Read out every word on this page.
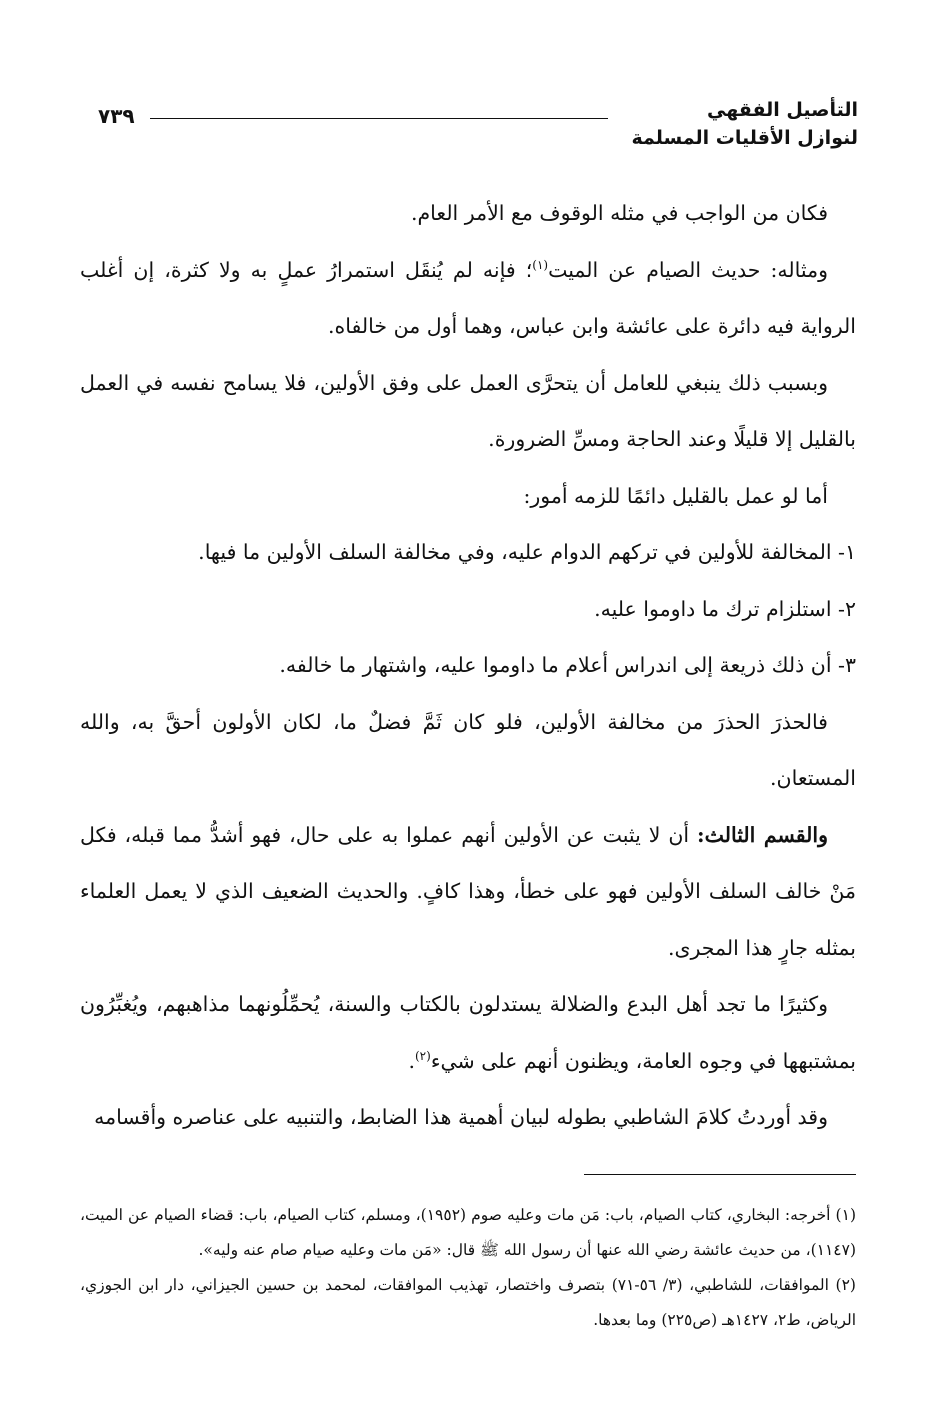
التأصيل الفقهي
لنوازل الأقليات المسلمة
٧٣٩

فكان من الواجب في مثله الوقوف مع الأمر العام.

ومثاله: حديث الصيام عن الميت$^{(١)}$؛ فإنه لم يُنقَل استمرارُ عملٍ به ولا كثرة، إن أغلب الرواية فيه دائرة على عائشة وابن عباس، وهما أول من خالفاه.

وبسبب ذلك ينبغي للعامل أن يتحرَّى العمل على وفق الأولين، فلا يسامح نفسه في العمل بالقليل إلا قليلًا وعند الحاجة ومسِّ الضرورة.

أما لو عمل بالقليل دائمًا للزمه أمور:

١- المخالفة للأولين في تركهم الدوام عليه، وفي مخالفة السلف الأولين ما فيها.

٢- استلزام ترك ما داوموا عليه.

٣- أن ذلك ذريعة إلى اندراس أعلام ما داوموا عليه، واشتهار ما خالفه.

فالحذرَ الحذرَ من مخالفة الأولين، فلو كان ثَمَّ فضلٌ ما، لكان الأولون أحقَّ به، والله المستعان.

والقسم الثالث: أن لا يثبت عن الأولين أنهم عملوا به على حال، فهو أشدُّ مما قبله، فكل مَنْ خالف السلف الأولين فهو على خطأ، وهذا كافٍ. والحديث الضعيف الذي لا يعمل العلماء بمثله جارٍ هذا المجرى.

وكثيرًا ما تجد أهل البدع والضلالة يستدلون بالكتاب والسنة، يُحمِّلُونهما مذاهبهم، ويُغبِّرُون بمشتبهها في وجوه العامة، ويظنون أنهم على شيء$^{(٢)}$.

وقد أوردتُ كلامَ الشاطبي بطوله لبيان أهمية هذا الضابط، والتنبيه على عناصره وأقسامه

(١) أخرجه: البخاري، كتاب الصيام، باب: مَن مات وعليه صوم (١٩٥٢)، ومسلم، كتاب الصيام، باب: قضاء الصيام عن الميت، (١١٤٧)، من حديث عائشة رضي الله عنها أن رسول الله ﷺ قال: «مَن مات وعليه صيام صام عنه وليه».

(٢) الموافقات، للشاطبي، (٣/ ٥٦-٧١) بتصرف واختصار، تهذيب الموافقات، لمحمد بن حسين الجيزاني، دار ابن الجوزي، الرياض، ط٢، ١٤٢٧هـ (ص٢٢٥) وما بعدها.
